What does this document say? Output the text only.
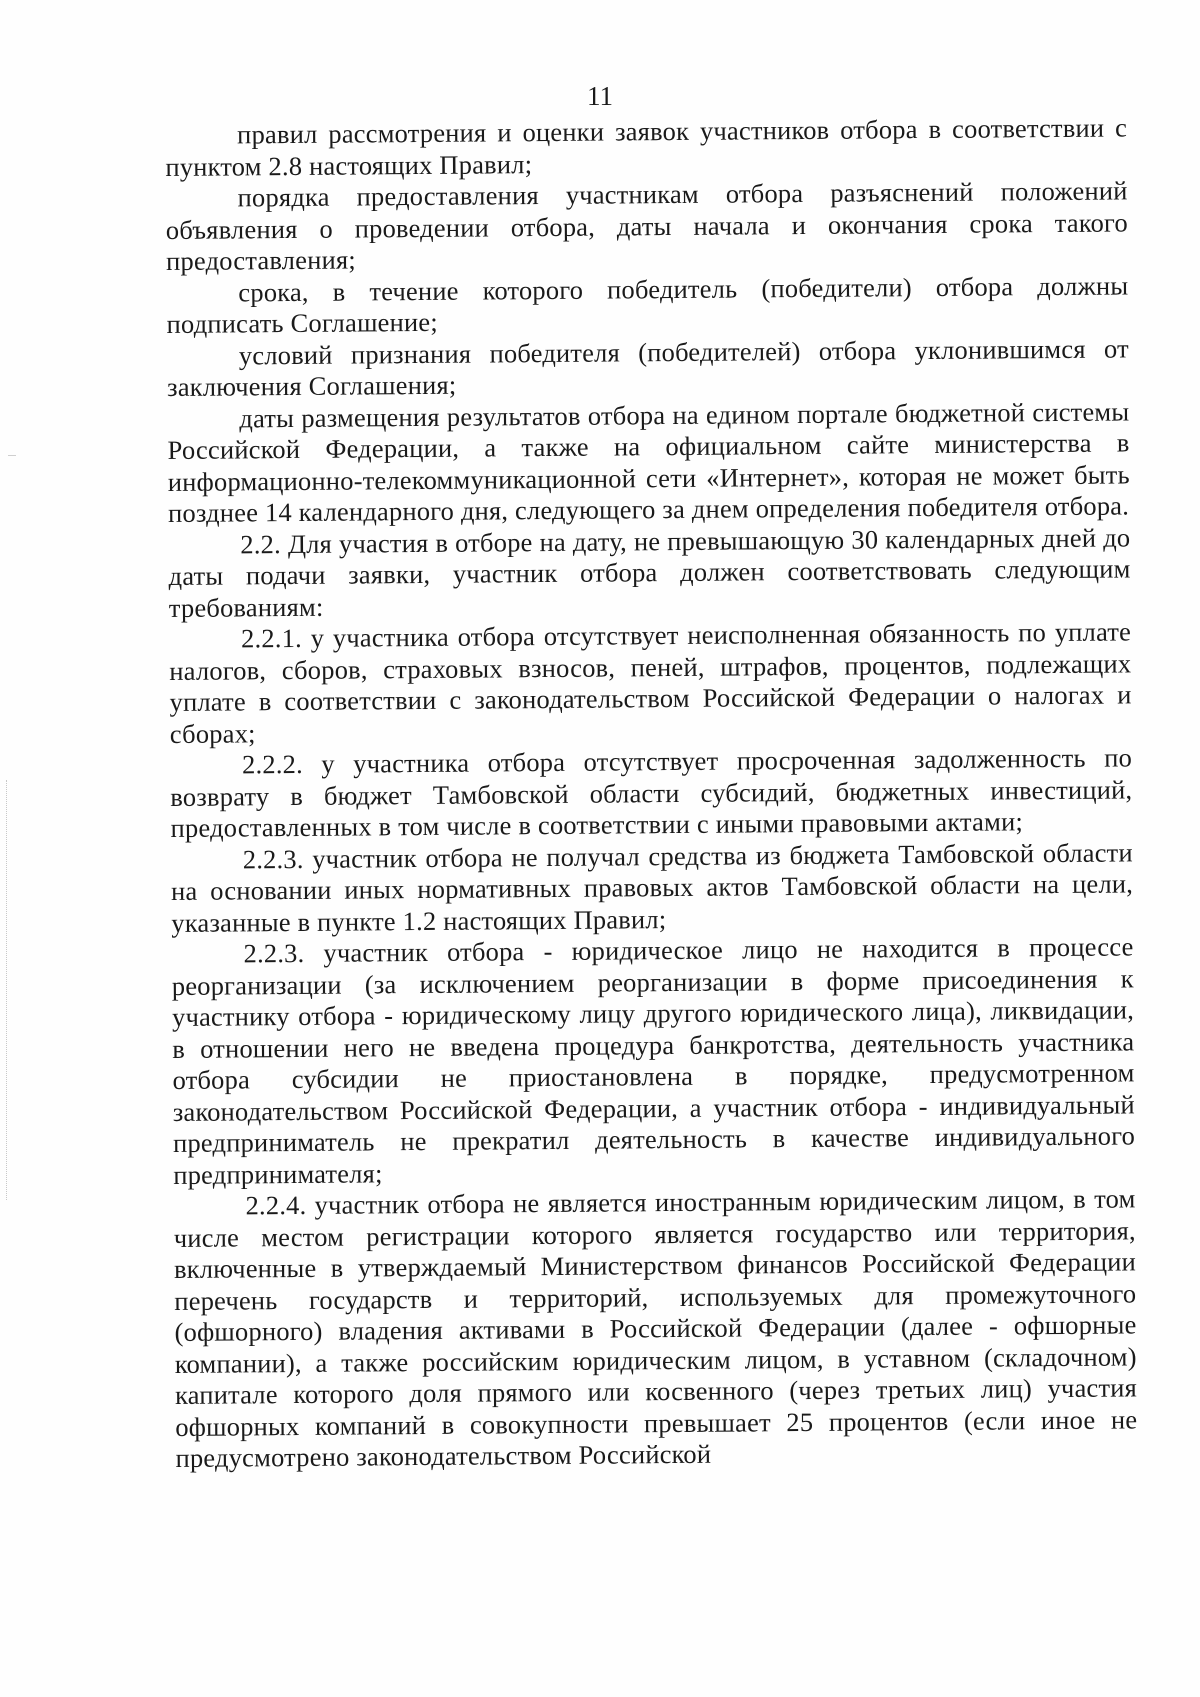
11

правил рассмотрения и оценки заявок участников отбора в соответствии с пунктом 2.8 настоящих Правил;

порядка предоставления участникам отбора разъяснений положений объявления о проведении отбора, даты начала и окончания срока такого предоставления;

срока, в течение которого победитель (победители) отбора должны подписать Соглашение;

условий признания победителя (победителей) отбора уклонившимся от заключения Соглашения;

даты размещения результатов отбора на едином портале бюджетной системы Российской Федерации, а также на официальном сайте министерства в информационно-телекоммуникационной сети «Интернет», которая не может быть позднее 14 календарного дня, следующего за днем определения победителя отбора.

2.2. Для участия в отборе на дату, не превышающую 30 календарных дней до даты подачи заявки, участник отбора должен соответствовать следующим требованиям:

2.2.1. у участника отбора отсутствует неисполненная обязанность по уплате налогов, сборов, страховых взносов, пеней, штрафов, процентов, подлежащих уплате в соответствии с законодательством Российской Федерации о налогах и сборах;

2.2.2. у участника отбора отсутствует просроченная задолженность по возврату в бюджет Тамбовской области субсидий, бюджетных инвестиций, предоставленных в том числе в соответствии с иными правовыми актами;

2.2.3. участник отбора не получал средства из бюджета Тамбовской области на основании иных нормативных правовых актов Тамбовской области на цели, указанные в пункте 1.2 настоящих Правил;

2.2.3. участник отбора - юридическое лицо не находится в процессе реорганизации (за исключением реорганизации в форме присоединения к участнику отбора - юридическому лицу другого юридического лица), ликвидации, в отношении него не введена процедура банкротства, деятельность участника отбора субсидии не приостановлена в порядке, предусмотренном законодательством Российской Федерации, а участник отбора - индивидуальный предприниматель не прекратил деятельность в качестве индивидуального предпринимателя;

2.2.4. участник отбора не является иностранным юридическим лицом, в том числе местом регистрации которого является государство или территория, включенные в утверждаемый Министерством финансов Российской Федерации перечень государств и территорий, используемых для промежуточного (офшорного) владения активами в Российской Федерации (далее - офшорные компании), а также российским юридическим лицом, в уставном (складочном) капитале которого доля прямого или косвенного (через третьих лиц) участия офшорных компаний в совокупности превышает 25 процентов (если иное не предусмотрено законодательством Российской
